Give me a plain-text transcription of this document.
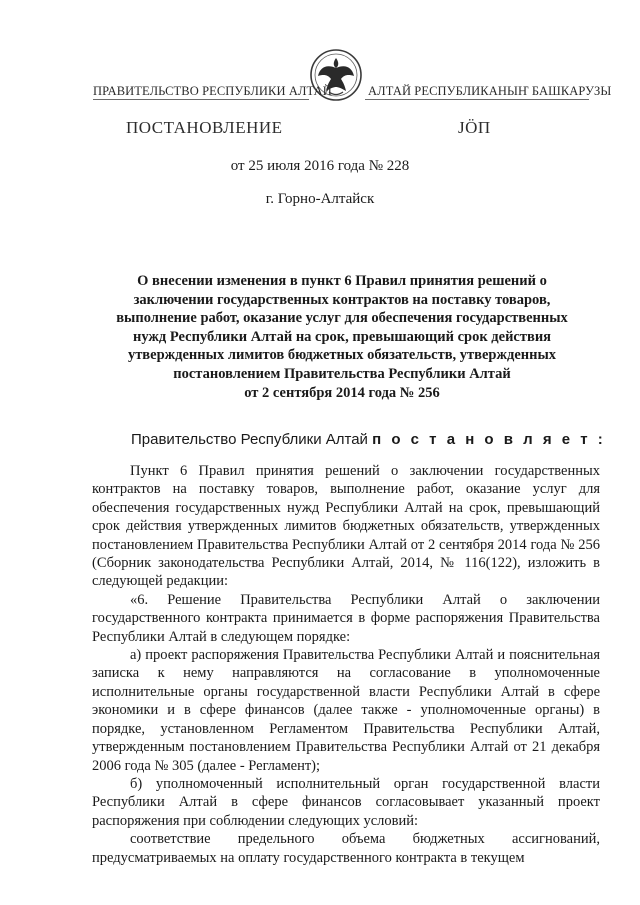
ПРАВИТЕЛЬСТВО РЕСПУБЛИКИ АЛТАЙ	АЛТАЙ РЕСПУБЛИКАНЫҤ БАШКАРУЗЫ
ПОСТАНОВЛЕНИЕ	JÖП
от 25 июля 2016 года № 228
г. Горно-Алтайск
О внесении изменения в пункт 6 Правил принятия решений о
заключении государственных контрактов на поставку товаров,
выполнение работ, оказание услуг для обеспечения государственных
нужд Республики Алтай на срок, превышающий срок действия
утвержденных лимитов бюджетных обязательств, утвержденных
постановлением Правительства Республики Алтай
от 2 сентября 2014 года № 256
Правительство Республики Алтай п о с т а н о в л я е т :

Пункт 6 Правил принятия решений о заключении государственных контрактов на поставку товаров, выполнение работ, оказание услуг для обеспечения государственных нужд Республики Алтай на срок, превышающий срок действия утвержденных лимитов бюджетных обязательств, утвержденных постановлением Правительства Республики Алтай от 2 сентября 2014 года № 256 (Сборник законодательства Республики Алтай, 2014, № 116(122), изложить в следующей редакции:

«6. Решение Правительства Республики Алтай о заключении государственного контракта принимается в форме распоряжения Правительства Республики Алтай в следующем порядке:

а) проект распоряжения Правительства Республики Алтай и пояснительная записка к нему направляются на согласование в уполномоченные исполнительные органы государственной власти Республики Алтай в сфере экономики и в сфере финансов (далее также - уполномоченные органы) в порядке, установленном Регламентом Правительства Республики Алтай, утвержденным постановлением Правительства Республики Алтай от 21 декабря 2006 года № 305 (далее - Регламент);

б) уполномоченный исполнительный орган государственной власти Республики Алтай в сфере финансов согласовывает указанный проект распоряжения при соблюдении следующих условий:

соответствие предельного объема бюджетных ассигнований, предусматриваемых на оплату государственного контракта в текущем
